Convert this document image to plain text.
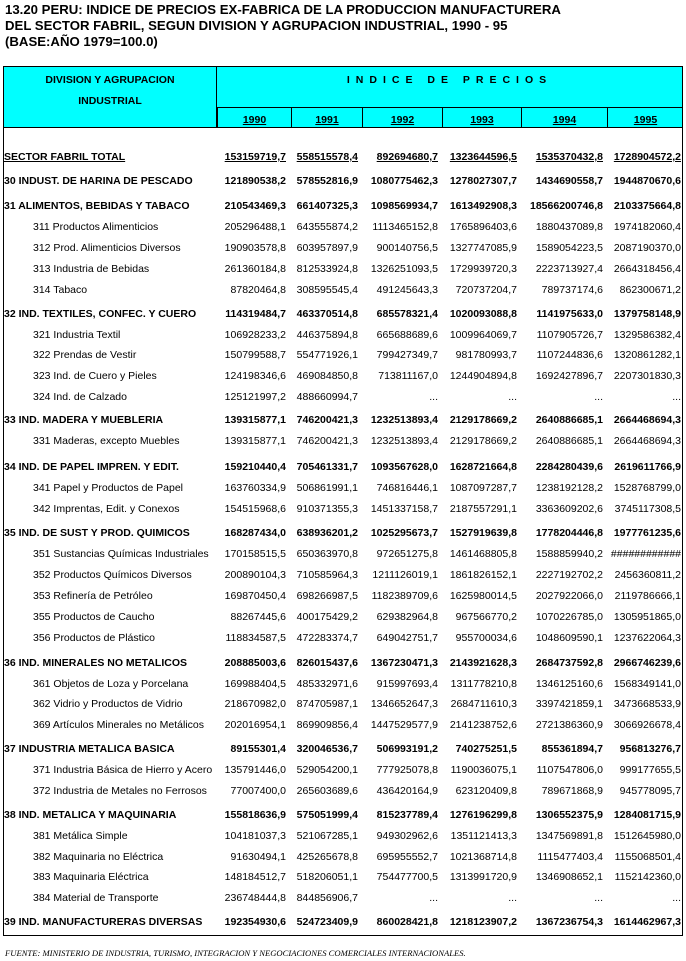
13.20 PERU: INDICE DE PRECIOS EX-FABRICA DE LA PRODUCCION MANUFACTURERA
DEL SECTOR FABRIL, SEGUN DIVISION Y AGRUPACION INDUSTRIAL, 1990 - 95
(BASE:AÑO 1979=100.0)
DIVISION Y AGRUPACION
INDUSTRIAL
INDICE DE PRECIOS
1990	1991	1992	1993	1994	1995
SECTOR FABRIL TOTAL	153159719,7 558515578,4 892694680,7 1323644596,5 1535370432,8 1728904572,2
30 INDUST. DE HARINA DE PESCADO	121890538,2 578552816,9 1080775462,3 1278027307,7 1434690558,7 1944870670,6
31 ALIMENTOS, BEBIDAS Y TABACO	210543469,3 661407325,3 1098569934,7 1613492908,3 18566200746,8 2103375664,8
311 Productos Alimenticios	205296488,1 643555874,2 1113465152,8 1765896403,6 1880437089,8 1974182060,4
312 Prod. Alimenticios Diversos	190903578,8 603957897,9 900140756,5 1327747085,9 1589054223,5 2087190370,0
313 Industria de Bebidas	261360184,8 812533924,8 1326251093,5 1729939720,3 2223713927,4 2664318456,4
314 Tabaco	87820464,8 308595545,4 491245643,3 720737204,7 789737174,6 862300671,2
32 IND. TEXTILES, CONFEC. Y CUERO	114319484,7 463370514,8 685578321,4 1020093088,8 1141975633,0 1379758148,9
321 Industria Textil	106928233,2 446375894,8 665688689,6 1009964069,7 1107905726,7 1329586382,4
322 Prendas de Vestir	150799588,7 554771926,1 799427349,7 981780993,7 1107244836,6 1320861282,1
323 Ind. de Cuero y Pieles	124198346,6 469084850,8 713811167,0 1244904894,8 1692427896,7 2207301830,3
324 Ind. de Calzado	125121997,2 488660994,7	...	...	...	...
33 IND. MADERA Y MUEBLERIA	139315877,1 746200421,3 1232513893,4 2129178669,2 2640886685,1 2664468694,3
331 Maderas, excepto Muebles	139315877,1 746200421,3 1232513893,4 2129178669,2 2640886685,1 2664468694,3
34 IND. DE PAPEL IMPREN. Y EDIT.	159210440,4 705461331,7 1093567628,0 1628721664,8 2284280439,6 2619611766,9
341 Papel y Productos de Papel	163760334,9 506861991,1 746816446,1 1087097287,7 1238192128,2 1528768799,0
342 Imprentas, Edit. y Conexos	154515968,6 910371355,3 1451337158,7 2187557291,1 3363609202,6 3745117308,5
35 IND. DE SUST Y PROD. QUIMICOS	168287434,0 638936201,2 1025295673,7 1527919639,8 1778204446,8 1977761235,6
351 Sustancias Químicas Industriales 170158515,5 650363970,8 972651275,8 1461468805,8 1588859940,2 ############
352 Productos Químicos Diversos	200890104,3 710585964,3 1211126019,1 1861826152,1 2227192702,2 2456360811,2
353 Refinería de Petróleo	169870450,4 698266987,5 1182389709,6 1625980014,5 2027922066,0 2119786666,1
355 Productos de Caucho	88267445,6 400175429,2 629382964,8 967566770,2 1070226785,0 1305951865,0
356 Productos de Plástico	118834587,5 472283374,7 649042751,7 955700034,6 1048609590,1 1237622064,3
36 IND. MINERALES NO METALICOS	208885003,6 826015437,6 1367230471,3 2143921628,3 2684737592,8 2966746239,6
361 Objetos de Loza y Porcelana	169988404,5 485332971,6 915997693,4 1311778210,8 1346125160,6 1568349141,0
362 Vidrio y Productos de Vidrio	218670982,0 874705987,1 1346652647,3 2684711610,3 3397421859,1 3473668533,9
369 Artículos Minerales no Metálicos 202016954,1 869909856,4 1447529577,9 2141238752,6 2721386360,9 3066926678,4
37 INDUSTRIA METALICA BASICA	89155301,4 320046536,7 506993191,2 740275251,5 855361894,7 956813276,7
371 Industria Básica de Hierro y Acero 135791446,0 529054200,1 777925078,8 1190036075,1 1107547806,0 999177655,5
372 Industria de Metales no Ferrosos 77007400,0 265603689,6 436420164,9 623120409,8 789671868,9 945778095,7
38 IND. METALICA Y MAQUINARIA	155818636,9 575051999,4 815237789,4 1276196299,8 1306552375,9 1284081715,9
381 Metálica Simple	104181037,3 521067285,1 949302962,6 1351121413,3 1347569891,8 1512645980,0
382 Maquinaria no Eléctrica	91630494,1 425265678,8 695955552,7 1021368714,8 1115477403,4 1155068501,4
383 Maquinaria Eléctrica	148184512,7 518206051,1 754477700,5 1313991720,9 1346908652,1 1152142360,0
384 Material de Transporte	236748444,8 844856906,7	...	...	...	...
39 IND. MANUFACTURERAS DIVERSAS 192354930,6 524723409,9 860028421,8 1218123907,2 1367236754,3 1614462967,3
FUENTE: MINISTERIO DE INDUSTRIA, TURISMO, INTEGRACION Y NEGOCIACIONES COMERCIALES INTERNACIONALES.
